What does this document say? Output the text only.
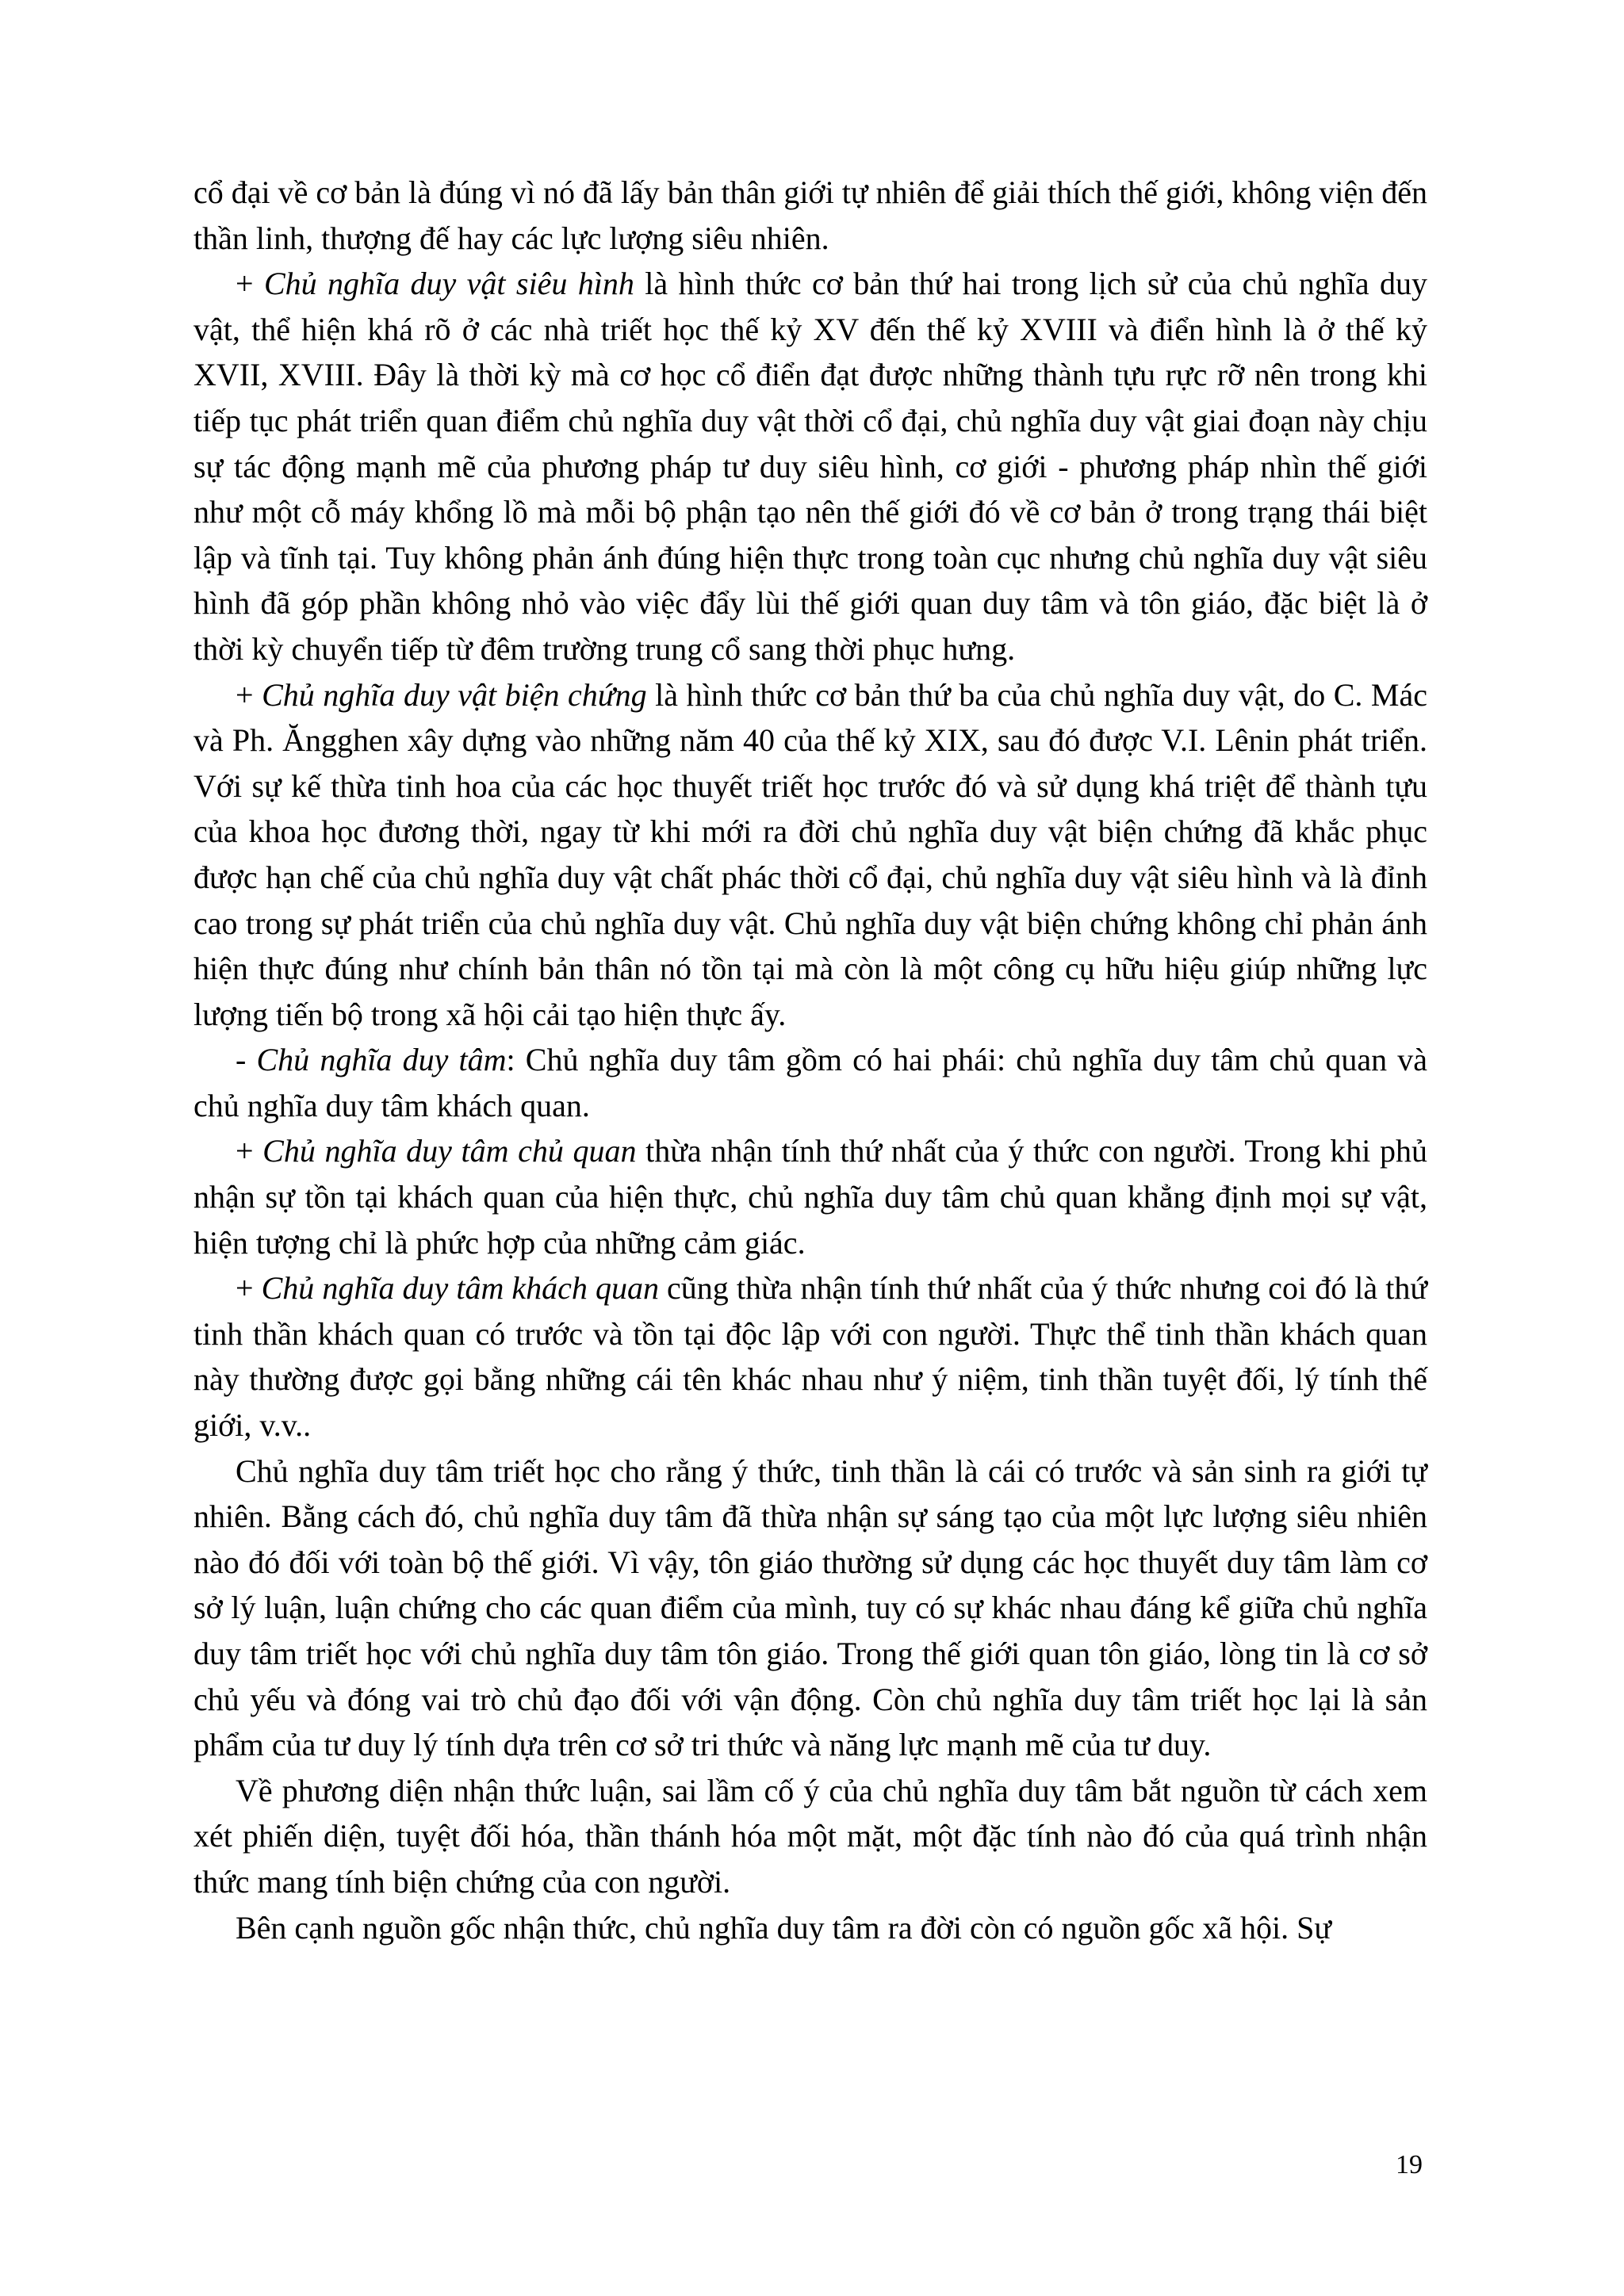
cổ đại về cơ bản là đúng vì nó đã lấy bản thân giới tự nhiên để giải thích thế giới, không viện đến thần linh, thượng đế hay các lực lượng siêu nhiên.

+ Chủ nghĩa duy vật siêu hình là hình thức cơ bản thứ hai trong lịch sử của chủ nghĩa duy vật, thể hiện khá rõ ở các nhà triết học thế kỷ XV đến thế kỷ XVIII và điển hình là ở thế kỷ XVII, XVIII. Đây là thời kỳ mà cơ học cổ điển đạt được những thành tựu rực rỡ nên trong khi tiếp tục phát triển quan điểm chủ nghĩa duy vật thời cổ đại, chủ nghĩa duy vật giai đoạn này chịu sự tác động mạnh mẽ của phương pháp tư duy siêu hình, cơ giới - phương pháp nhìn thế giới như một cỗ máy khổng lồ mà mỗi bộ phận tạo nên thế giới đó về cơ bản ở trong trạng thái biệt lập và tĩnh tại. Tuy không phản ánh đúng hiện thực trong toàn cục nhưng chủ nghĩa duy vật siêu hình đã góp phần không nhỏ vào việc đẩy lùi thế giới quan duy tâm và tôn giáo, đặc biệt là ở thời kỳ chuyển tiếp từ đêm trường trung cổ sang thời phục hưng.

+ Chủ nghĩa duy vật biện chứng là hình thức cơ bản thứ ba của chủ nghĩa duy vật, do C. Mác và Ph. Ăngghen xây dựng vào những năm 40 của thế kỷ XIX, sau đó được V.I. Lênin phát triển. Với sự kế thừa tinh hoa của các học thuyết triết học trước đó và sử dụng khá triệt để thành tựu của khoa học đương thời, ngay từ khi mới ra đời chủ nghĩa duy vật biện chứng đã khắc phục được hạn chế của chủ nghĩa duy vật chất phác thời cổ đại, chủ nghĩa duy vật siêu hình và là đỉnh cao trong sự phát triển của chủ nghĩa duy vật. Chủ nghĩa duy vật biện chứng không chỉ phản ánh hiện thực đúng như chính bản thân nó tồn tại mà còn là một công cụ hữu hiệu giúp những lực lượng tiến bộ trong xã hội cải tạo hiện thực ấy.

- Chủ nghĩa duy tâm: Chủ nghĩa duy tâm gồm có hai phái: chủ nghĩa duy tâm chủ quan và chủ nghĩa duy tâm khách quan.

+ Chủ nghĩa duy tâm chủ quan thừa nhận tính thứ nhất của ý thức con người. Trong khi phủ nhận sự tồn tại khách quan của hiện thực, chủ nghĩa duy tâm chủ quan khẳng định mọi sự vật, hiện tượng chỉ là phức hợp của những cảm giác.

+ Chủ nghĩa duy tâm khách quan cũng thừa nhận tính thứ nhất của ý thức nhưng coi đó là thứ tinh thần khách quan có trước và tồn tại độc lập với con người. Thực thể tinh thần khách quan này thường được gọi bằng những cái tên khác nhau như ý niệm, tinh thần tuyệt đối, lý tính thế giới, v.v..

Chủ nghĩa duy tâm triết học cho rằng ý thức, tinh thần là cái có trước và sản sinh ra giới tự nhiên. Bằng cách đó, chủ nghĩa duy tâm đã thừa nhận sự sáng tạo của một lực lượng siêu nhiên nào đó đối với toàn bộ thế giới. Vì vậy, tôn giáo thường sử dụng các học thuyết duy tâm làm cơ sở lý luận, luận chứng cho các quan điểm của mình, tuy có sự khác nhau đáng kể giữa chủ nghĩa duy tâm triết học với chủ nghĩa duy tâm tôn giáo. Trong thế giới quan tôn giáo, lòng tin là cơ sở chủ yếu và đóng vai trò chủ đạo đối với vận động. Còn chủ nghĩa duy tâm triết học lại là sản phẩm của tư duy lý tính dựa trên cơ sở tri thức và năng lực mạnh mẽ của tư duy.

Về phương diện nhận thức luận, sai lầm cố ý của chủ nghĩa duy tâm bắt nguồn từ cách xem xét phiến diện, tuyệt đối hóa, thần thánh hóa một mặt, một đặc tính nào đó của quá trình nhận thức mang tính biện chứng của con người.

Bên cạnh nguồn gốc nhận thức, chủ nghĩa duy tâm ra đời còn có nguồn gốc xã hội. Sự

19
